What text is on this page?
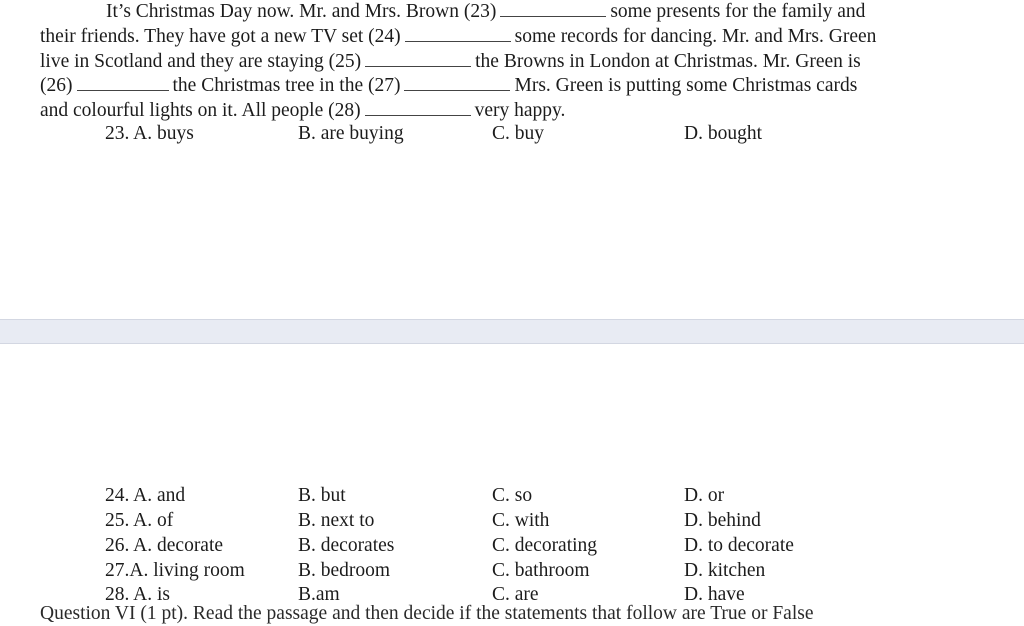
It’s Christmas Day now. Mr. and Mrs. Brown (23)	some presents for the family and
their friends. They have got a new TV set (24)	some records for dancing. Mr. and Mrs. Green
live in Scotland and they are staying (25)	the Browns in London at Christmas. Mr. Green is
(26)	the Christmas tree in the (27)	Mrs. Green is putting some Christmas cards
and colourful lights on it. All people (28)	very happy.

23. A. buys	B. are buying	C. buy	D. bought
24. A. and	B. but	C. so	D. or
25. A. of	B. next to	C. with	D. behind
26. A. decorate	B. decorates	C. decorating	D. to decorate
27.A. living room	B. bedroom	C. bathroom	D. kitchen
28. A. is	B.am	C. are	D. have
Question VI (1 pt). Read the passage and then decide if the statements that follow are True or False
